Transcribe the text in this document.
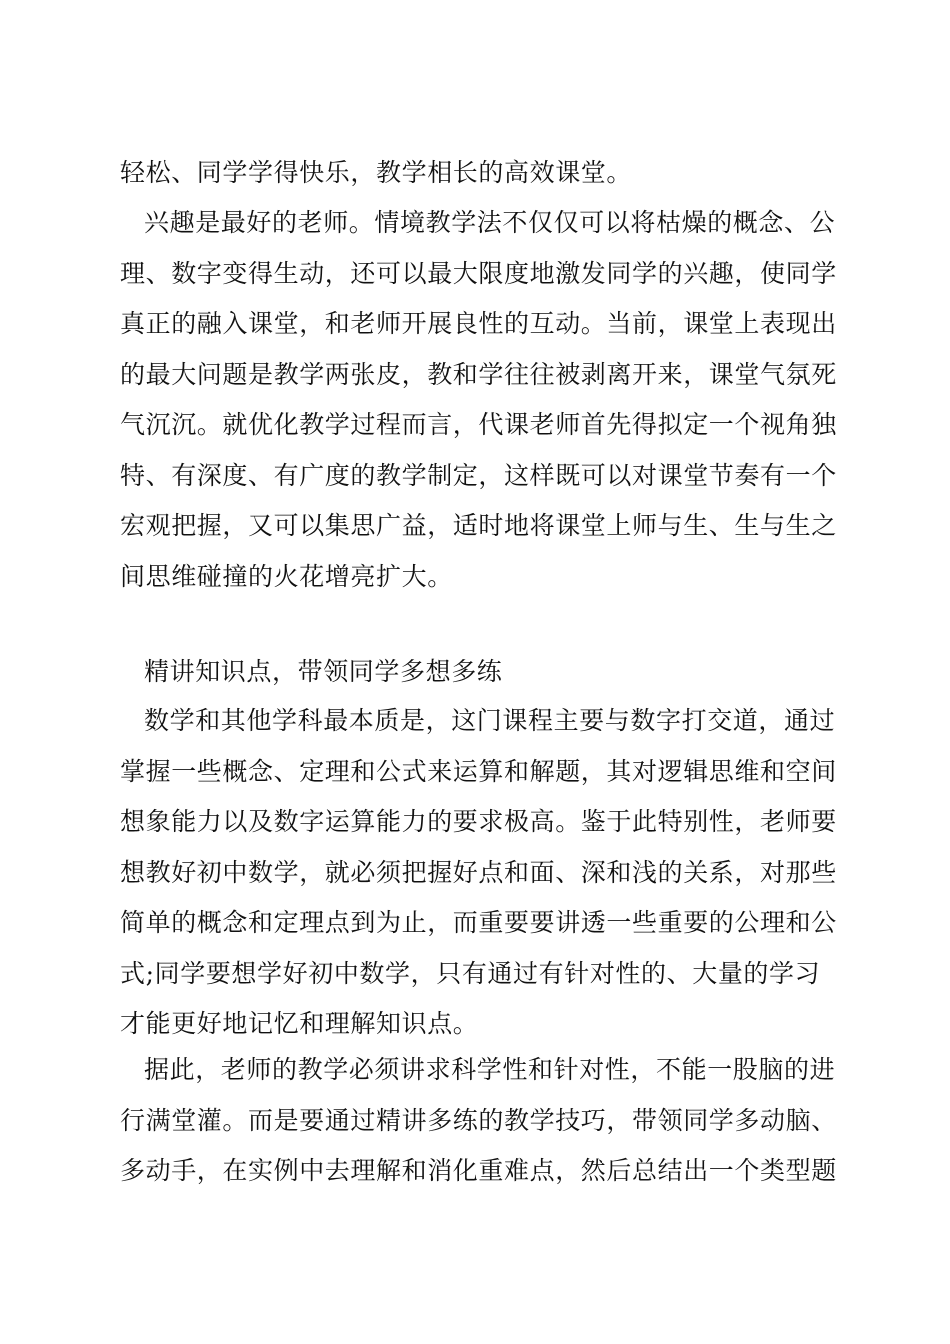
轻松、同学学得快乐，教学相长的高效课堂。
兴趣是最好的老师。情境教学法不仅仅可以将枯燥的概念、公
理、数字变得生动，还可以最大限度地激发同学的兴趣，使同学
真正的融入课堂，和老师开展良性的互动。当前，课堂上表现出
的最大问题是教学两张皮，教和学往往被剥离开来，课堂气氛死
气沉沉。就优化教学过程而言，代课老师首先得拟定一个视角独
特、有深度、有广度的教学制定，这样既可以对课堂节奏有一个
宏观把握，又可以集思广益，适时地将课堂上师与生、生与生之
间思维碰撞的火花增亮扩大。
精讲知识点，带领同学多想多练
数学和其他学科最本质是，这门课程主要与数字打交道，通过
掌握一些概念、定理和公式来运算和解题，其对逻辑思维和空间
想象能力以及数字运算能力的要求极高。鉴于此特别性，老师要
想教好初中数学，就必须把握好点和面、深和浅的关系，对那些
简单的概念和定理点到为止，而重要要讲透一些重要的公理和公
式;同学要想学好初中数学，只有通过有针对性的、大量的学习
才能更好地记忆和理解知识点。
据此，老师的教学必须讲求科学性和针对性，不能一股脑的进
行满堂灌。而是要通过精讲多练的教学技巧，带领同学多动脑、
多动手，在实例中去理解和消化重难点，然后总结出一个类型题
